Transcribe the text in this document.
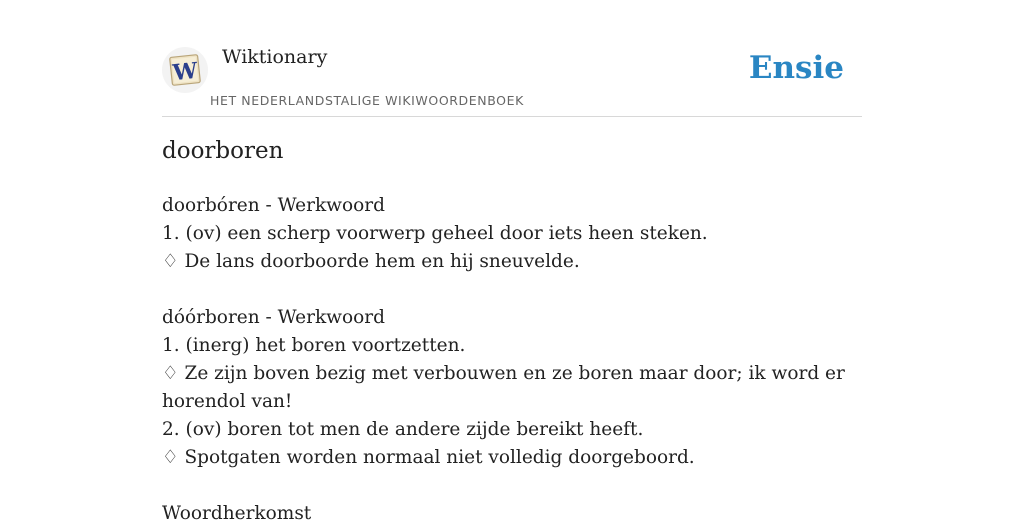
W
Wiktionary
HET NEDERLANDSTALIGE WIKIWOORDENBOEK
Ensie
doorboren
doorbóren - Werkwoord
1. (ov) een scherp voorwerp geheel door iets heen steken.
♢ De lans doorboorde hem en hij sneuvelde.
dóórboren - Werkwoord
1. (inerg) het boren voortzetten.
♢ Ze zijn boven bezig met verbouwen en ze boren maar door; ik word er horendol van!
2. (ov) boren tot men de andere zijde bereikt heeft.
♢ Spotgaten worden normaal niet volledig doorgeboord.
Woordherkomst
